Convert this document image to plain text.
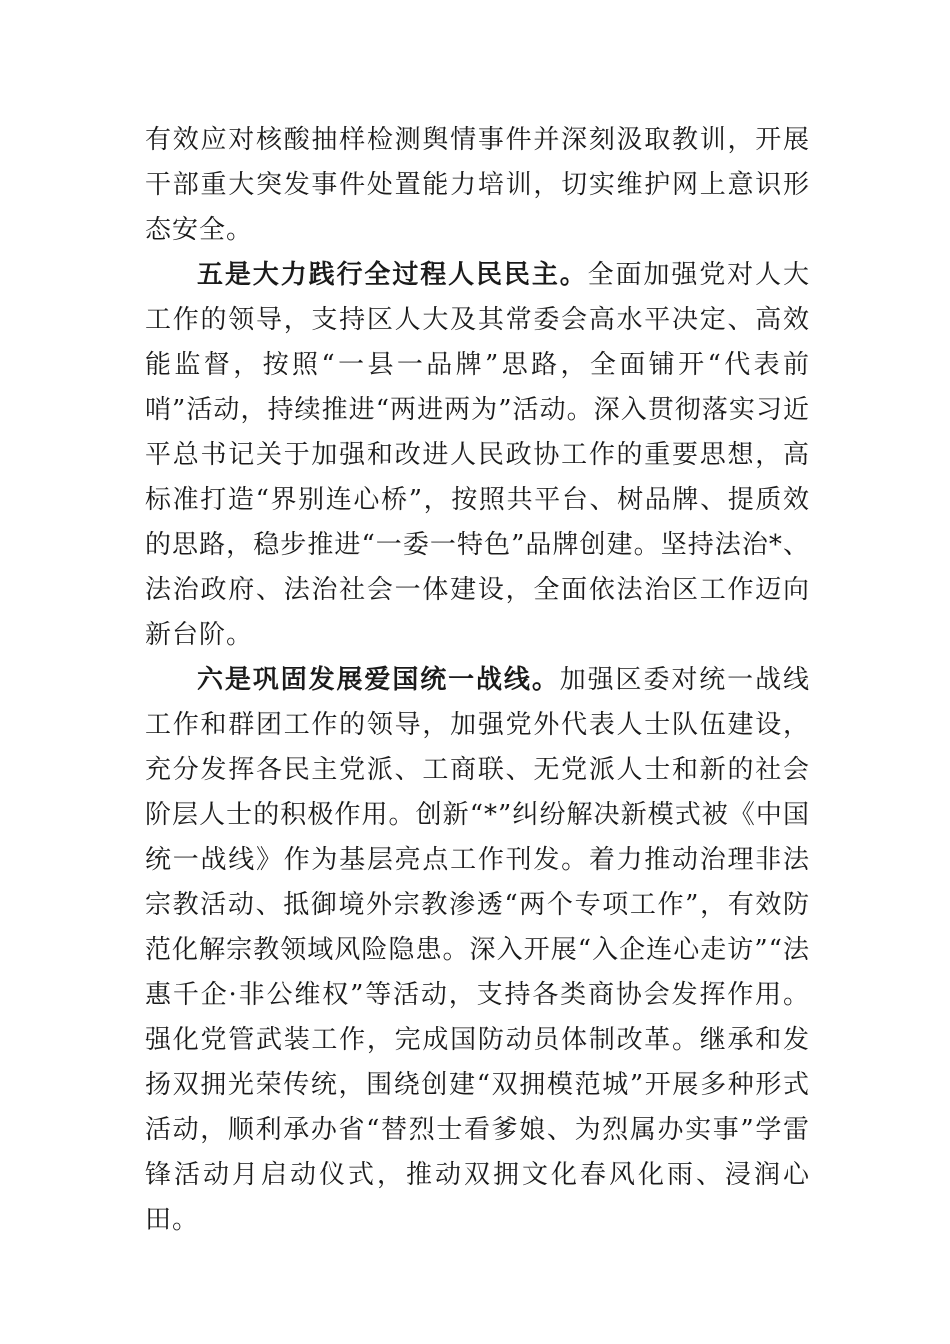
有效应对核酸抽样检测舆情事件并深刻汲取教训，开展干部重大突发事件处置能力培训，切实维护网上意识形态安全。

五是大力践行全过程人民民主。全面加强党对人大工作的领导，支持区人大及其常委会高水平决定、高效能监督，按照“一县一品牌”思路，全面铺开“代表前哨”活动，持续推进“两进两为”活动。深入贯彻落实习近平总书记关于加强和改进人民政协工作的重要思想，高标准打造“界别连心桥”，按照共平台、树品牌、提质效的思路，稳步推进“一委一特色”品牌创建。坚持法治*、法治政府、法治社会一体建设，全面依法治区工作迈向新台阶。

六是巩固发展爱国统一战线。加强区委对统一战线工作和群团工作的领导，加强党外代表人士队伍建设，充分发挥各民主党派、工商联、无党派人士和新的社会阶层人士的积极作用。创新“*”纠纷解决新模式被《中国统一战线》作为基层亮点工作刊发。着力推动治理非法宗教活动、抵御境外宗教渗透“两个专项工作”，有效防范化解宗教领域风险隐患。深入开展“入企连心走访”“法惠千企·非公维权”等活动，支持各类商协会发挥作用。强化党管武装工作，完成国防动员体制改革。继承和发扬双拥光荣传统，围绕创建“双拥模范城”开展多种形式活动，顺利承办省“替烈士看爹娘、为烈属办实事”学雷锋活动月启动仪式，推动双拥文化春风化雨、浸润心田。
